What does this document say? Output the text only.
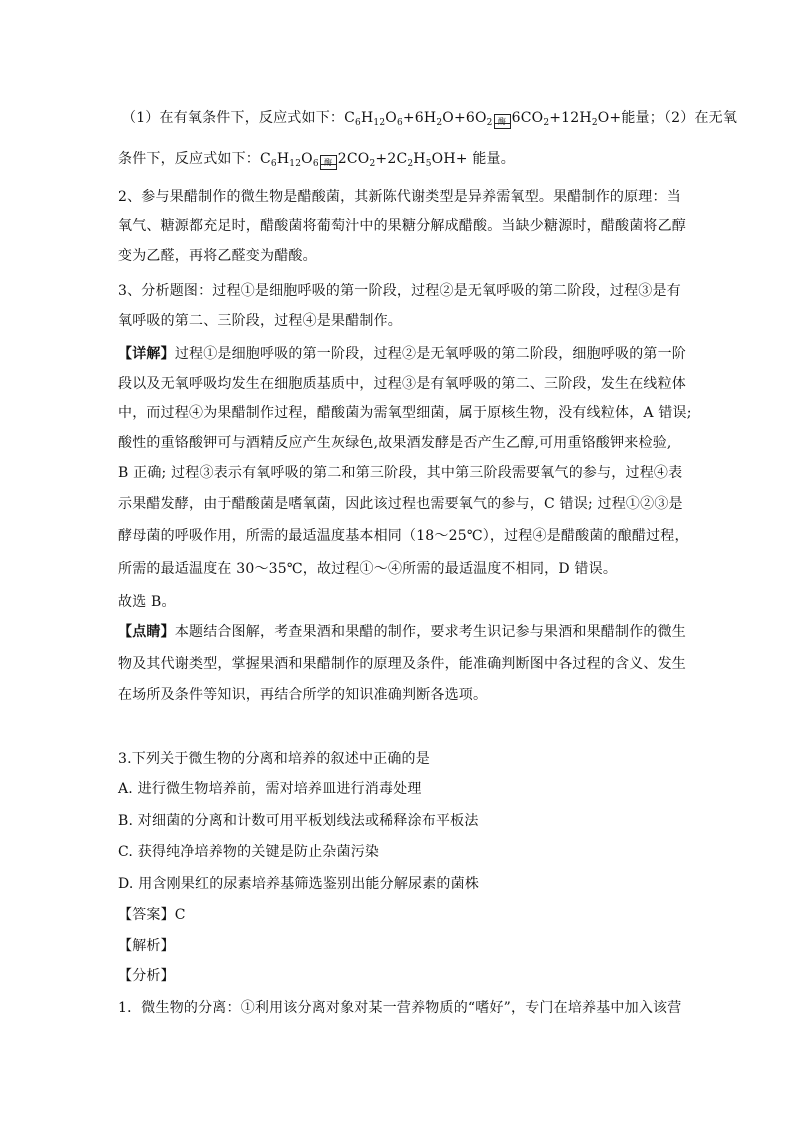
（1）在有氧条件下，反应式如下：$C_6H_{12}O_6+6H_2O+6O_2$ 酶 $6CO_2+12H_2O+$能量；（2）在无氧
条件下，反应式如下：$C_6H_{12}O_6$ 酶 $2CO_2+2C_2H_5OH+$ 能量。
2、参与果醋制作的微生物是醋酸菌，其新陈代谢类型是异养需氧型。果醋制作的原理：当
氧气、糖源都充足时，醋酸菌将葡萄汁中的果糖分解成醋酸。当缺少糖源时，醋酸菌将乙醇
变为乙醛，再将乙醛变为醋酸。
3、分析题图：过程①是细胞呼吸的第一阶段，过程②是无氧呼吸的第二阶段，过程③是有
氧呼吸的第二、三阶段，过程④是果醋制作。
【详解】过程①是细胞呼吸的第一阶段，过程②是无氧呼吸的第二阶段，细胞呼吸的第一阶
段以及无氧呼吸均发生在细胞质基质中，过程③是有氧呼吸的第二、三阶段，发生在线粒体
中，而过程④为果醋制作过程，醋酸菌为需氧型细菌，属于原核生物，没有线粒体，A 错误;
酸性的重铬酸钾可与酒精反应产生灰绿色,故果酒发酵是否产生乙醇,可用重铬酸钾来检验,
B 正确; 过程③表示有氧呼吸的第二和第三阶段，其中第三阶段需要氧气的参与，过程④表
示果醋发酵，由于醋酸菌是嗜氧菌，因此该过程也需要氧气的参与，C 错误; 过程①②③是
酵母菌的呼吸作用，所需的最适温度基本相同（18～25℃），过程④是醋酸菌的酿醋过程，
所需的最适温度在 30～35℃，故过程①～④所需的最适温度不相同，D 错误。
故选 B。
【点睛】本题结合图解，考查果酒和果醋的制作，要求考生识记参与果酒和果醋制作的微生
物及其代谢类型，掌握果酒和果醋制作的原理及条件，能准确判断图中各过程的含义、发生
在场所及条件等知识，再结合所学的知识准确判断各选项。
3.下列关于微生物的分离和培养的叙述中正确的是
A. 进行微生物培养前，需对培养皿进行消毒处理
B. 对细菌的分离和计数可用平板划线法或稀释涂布平板法
C. 获得纯净培养物的关键是防止杂菌污染
D. 用含刚果红的尿素培养基筛选鉴别出能分解尿素的菌株
【答案】C
【解析】
【分析】
1．微生物的分离：①利用该分离对象对某一营养物质的“嗜好”，专门在培养基中加入该营
